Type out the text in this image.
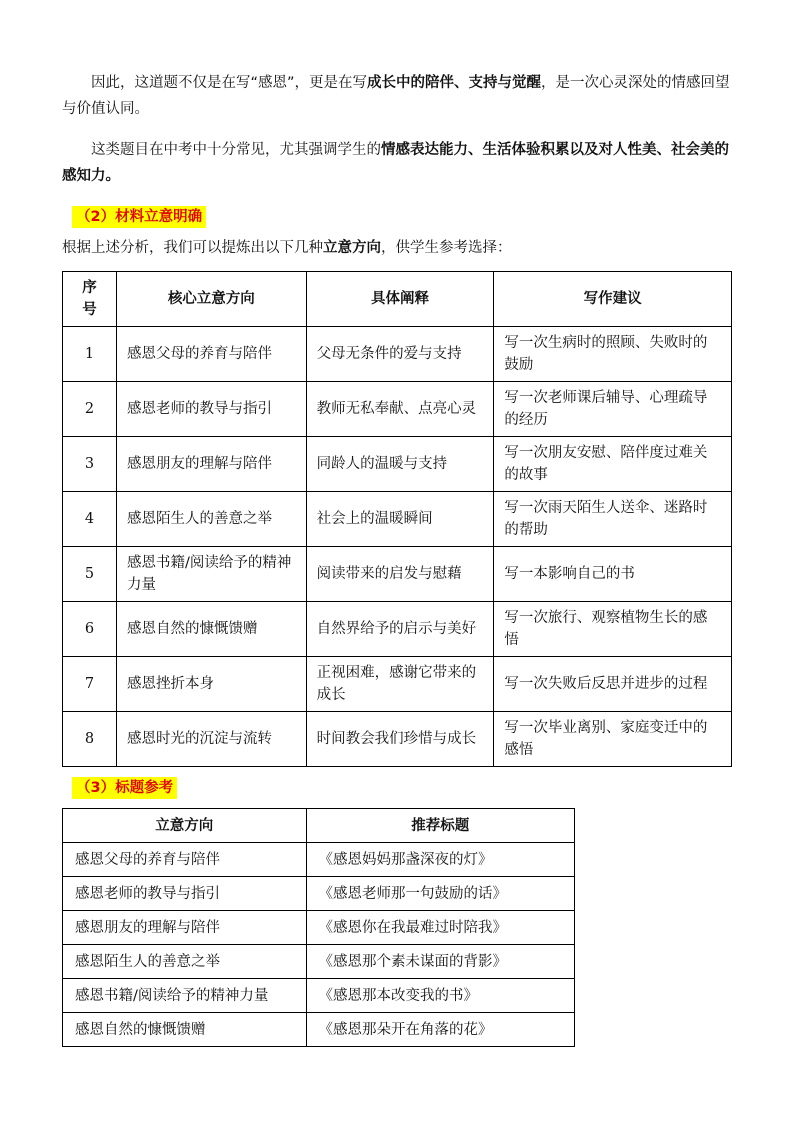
因此，这道题不仅是在写“感恩”，更是在写成长中的陪伴、支持与觉醒，是一次心灵深处的情感回望与价值认同。

这类题目在中考中十分常见，尤其强调学生的情感表达能力、生活体验积累以及对人性美、社会美的感知力。

（2）材料立意明确
根据上述分析，我们可以提炼出以下几种立意方向，供学生参考选择：
序号	核心立意方向	具体阐释	写作建议
1	感恩父母的养育与陪伴	父母无条件的爱与支持	写一次生病时的照顾、失败时的鼓励
2	感恩老师的教导与指引	教师无私奉献、点亮心灵	写一次老师课后辅导、心理疏导的经历
3	感恩朋友的理解与陪伴	同龄人的温暖与支持	写一次朋友安慰、陪伴度过难关的故事
4	感恩陌生人的善意之举	社会上的温暖瞬间	写一次雨天陌生人送伞、迷路时的帮助
5	感恩书籍/阅读给予的精神力量	阅读带来的启发与慰藉	写一本影响自己的书
6	感恩自然的慷慨馈赠	自然界给予的启示与美好	写一次旅行、观察植物生长的感悟
7	感恩挫折本身	正视困难，感谢它带来的成长	写一次失败后反思并进步的过程
8	感恩时光的沉淀与流转	时间教会我们珍惜与成长	写一次毕业离别、家庭变迁中的感悟
（3）标题参考
立意方向	推荐标题
感恩父母的养育与陪伴	《感恩妈妈那盏深夜的灯》
感恩老师的教导与指引	《感恩老师那一句鼓励的话》
感恩朋友的理解与陪伴	《感恩你在我最难过时陪我》
感恩陌生人的善意之举	《感恩那个素未谋面的背影》
感恩书籍/阅读给予的精神力量	《感恩那本改变我的书》
感恩自然的慷慨馈赠	《感恩那朵开在角落的花》
